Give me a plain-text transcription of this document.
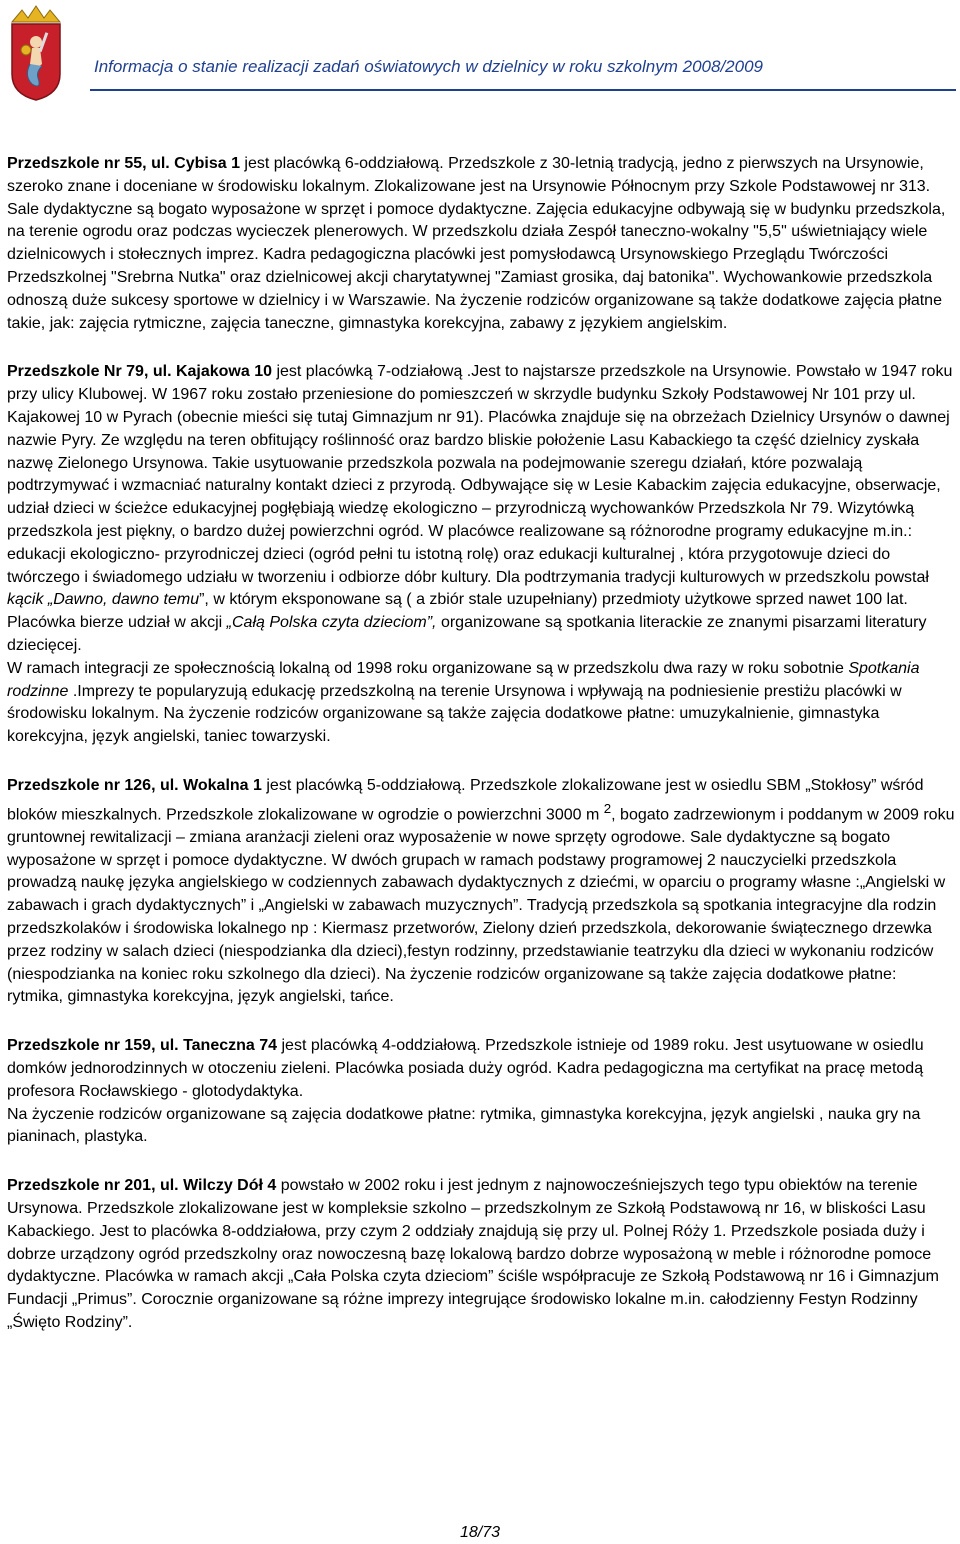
Informacja o stanie realizacji zadań oświatowych w dzielnicy w roku szkolnym 2008/2009

Przedszkole nr 55, ul. Cybisa 1 jest placówką 6-oddziałową. Przedszkole z 30-letnią tradycją, jedno z pierwszych na Ursynowie, szeroko znane i doceniane w środowisku lokalnym. Zlokalizowane jest na Ursynowie Północnym przy Szkole Podstawowej nr 313. Sale dydaktyczne są bogato wyposażone w sprzęt i pomoce dydaktyczne. Zajęcia edukacyjne odbywają się w budynku przedszkola, na terenie ogrodu oraz podczas wycieczek plenerowych. W przedszkolu działa Zespół taneczno-wokalny "5,5" uświetniający wiele dzielnicowych i stołecznych imprez. Kadra pedagogiczna placówki jest pomysłodawcą Ursynowskiego Przeglądu Twórczości Przedszkolnej "Srebrna Nutka" oraz dzielnicowej akcji charytatywnej "Zamiast grosika, daj batonika". Wychowankowie przedszkola odnoszą duże sukcesy sportowe w dzielnicy i w Warszawie. Na życzenie rodziców organizowane są także dodatkowe zajęcia płatne takie, jak: zajęcia rytmiczne, zajęcia taneczne, gimnastyka korekcyjna, zabawy z językiem angielskim.

Przedszkole Nr 79, ul. Kajakowa 10 jest placówką 7-odziałową .Jest to najstarsze przedszkole na Ursynowie. Powstało w 1947 roku przy ulicy Klubowej. W 1967 roku zostało przeniesione do pomieszczeń w skrzydle budynku Szkoły Podstawowej Nr 101 przy ul. Kajakowej 10 w Pyrach (obecnie mieści się tutaj Gimnazjum nr 91). Placówka znajduje się na obrzeżach Dzielnicy Ursynów o dawnej nazwie Pyry. Ze względu na teren obfitujący roślinność oraz bardzo bliskie położenie Lasu Kabackiego ta część dzielnicy zyskała nazwę Zielonego Ursynowa. Takie usytuowanie przedszkola pozwala na podejmowanie szeregu działań, które pozwalają podtrzymywać i wzmacniać naturalny kontakt dzieci z przyrodą. Odbywające się w Lesie Kabackim zajęcia edukacyjne, obserwacje, udział dzieci w ścieżce edukacyjnej pogłębiają wiedzę ekologiczno – przyrodniczą wychowanków Przedszkola Nr 79. Wizytówką przedszkola jest piękny, o bardzo dużej powierzchni ogród. W placówce realizowane są różnorodne programy edukacyjne m.in.: edukacji ekologiczno- przyrodniczej dzieci (ogród pełni tu istotną rolę) oraz edukacji kulturalnej , która przygotowuje dzieci do twórczego i świadomego udziału w tworzeniu i odbiorze dóbr kultury. Dla podtrzymania tradycji kulturowych w przedszkolu powstał kącik „Dawno, dawno temu”, w którym eksponowane są ( a zbiór stale uzupełniany) przedmioty użytkowe sprzed nawet 100 lat. Placówka bierze udział w akcji „Całą Polska czyta dzieciom”, organizowane są spotkania literackie ze znanymi pisarzami literatury dziecięcej.
W ramach integracji ze społecznością lokalną od 1998 roku organizowane są w przedszkolu dwa razy w roku sobotnie Spotkania rodzinne .Imprezy te popularyzują edukację przedszkolną na terenie Ursynowa i wpływają na podniesienie prestiżu placówki w środowisku lokalnym. Na życzenie rodziców organizowane są także zajęcia dodatkowe płatne: umuzykalnienie, gimnastyka korekcyjna, język angielski, taniec towarzyski.

Przedszkole nr 126, ul. Wokalna 1 jest placówką 5-oddziałową. Przedszkole zlokalizowane jest w osiedlu SBM „Stokłosy” wśród bloków mieszkalnych. Przedszkole zlokalizowane w ogrodzie o powierzchni 3000 m $^2$, bogato zadrzewionym i poddanym w 2009 roku gruntownej rewitalizacji – zmiana aranżacji zieleni oraz wyposażenie w nowe sprzęty ogrodowe. Sale dydaktyczne są bogato wyposażone w sprzęt i pomoce dydaktyczne. W dwóch grupach w ramach podstawy programowej 2 nauczycielki przedszkola prowadzą naukę języka angielskiego w codziennych zabawach dydaktycznych z dziećmi, w oparciu o programy własne :„Angielski w zabawach i grach dydaktycznych” i „Angielski w zabawach muzycznych”. Tradycją przedszkola są spotkania integracyjne dla rodzin przedszkolaków i środowiska lokalnego np : Kiermasz przetworów, Zielony dzień przedszkola, dekorowanie świątecznego drzewka przez rodziny w salach dzieci (niespodzianka dla dzieci),festyn rodzinny, przedstawianie teatrzyku dla dzieci w wykonaniu rodziców (niespodzianka na koniec roku szkolnego dla dzieci). Na życzenie rodziców organizowane są także zajęcia dodatkowe płatne: rytmika, gimnastyka korekcyjna, język angielski, tańce.

Przedszkole nr 159, ul. Taneczna 74 jest placówką 4-oddziałową. Przedszkole istnieje od 1989 roku. Jest usytuowane w osiedlu domków jednorodzinnych w otoczeniu zieleni. Placówka posiada duży ogród. Kadra pedagogiczna ma certyfikat na pracę metodą profesora Rocławskiego - glotodydaktyka.
Na życzenie rodziców organizowane są zajęcia dodatkowe płatne: rytmika, gimnastyka korekcyjna, język angielski , nauka gry na pianinach, plastyka.

Przedszkole nr 201, ul. Wilczy Dół 4 powstało w 2002 roku i jest jednym z najnowocześniejszych tego typu obiektów na terenie Ursynowa. Przedszkole zlokalizowane jest w kompleksie szkolno – przedszkolnym ze Szkołą Podstawową nr 16, w bliskości Lasu Kabackiego. Jest to placówka 8-oddziałowa, przy czym 2 oddziały znajdują się przy ul. Polnej Róży 1. Przedszkole posiada duży i dobrze urządzony ogród przedszkolny oraz nowoczesną bazę lokalową bardzo dobrze wyposażoną w meble i różnorodne pomoce dydaktyczne. Placówka w ramach akcji „Cała Polska czyta dzieciom” ściśle współpracuje ze Szkołą Podstawową nr 16 i Gimnazjum Fundacji „Primus”. Corocznie organizowane są różne imprezy integrujące środowisko lokalne m.in. całodzienny Festyn Rodzinny „Święto Rodziny”.

18/73
